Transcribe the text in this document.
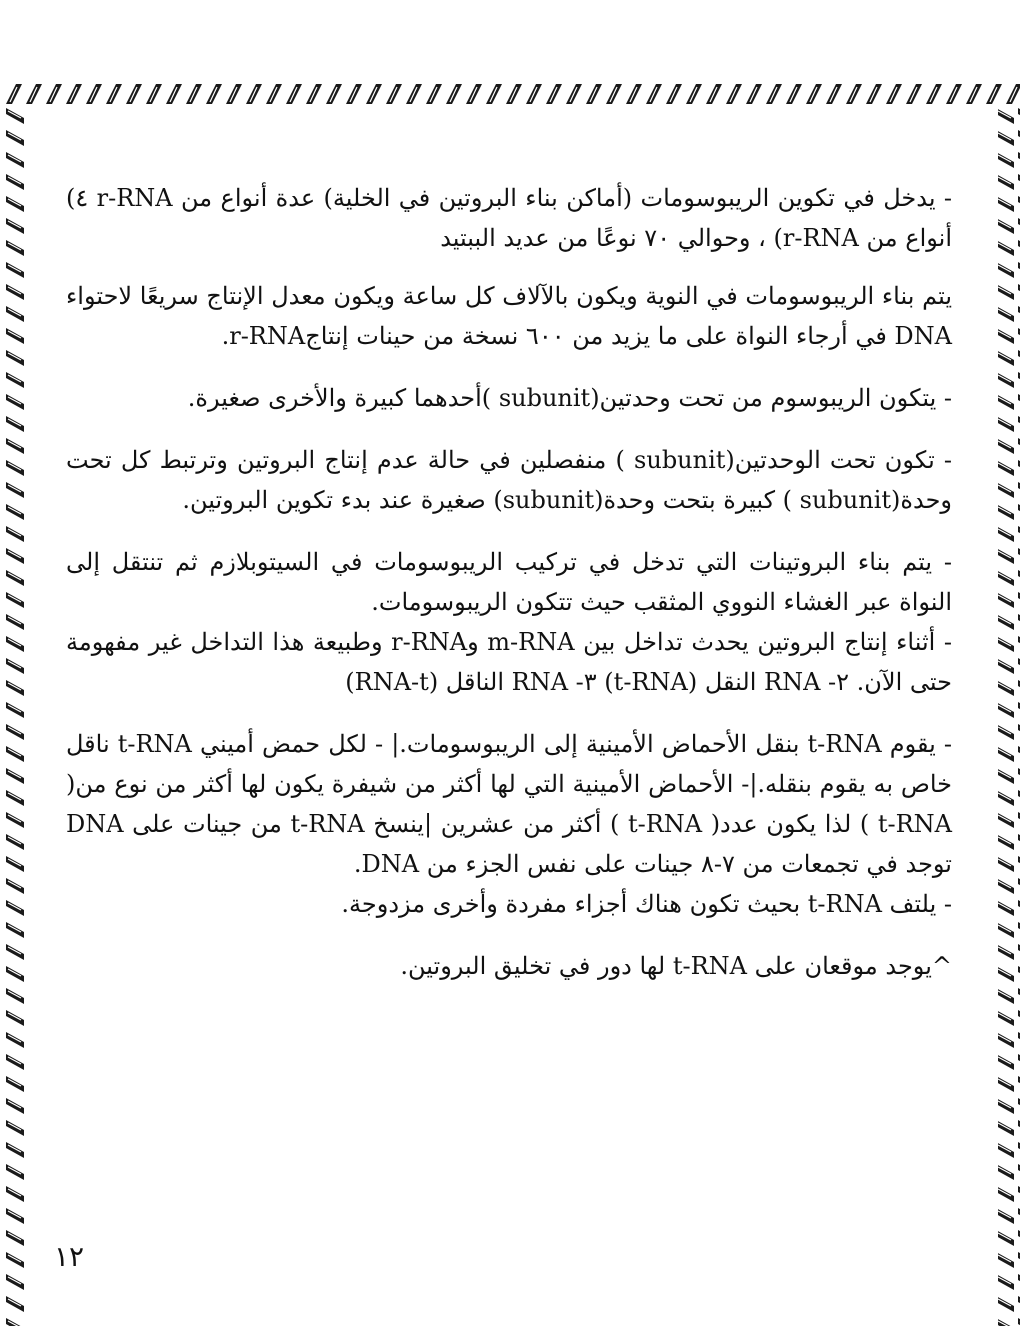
- يدخل في تكوين الريبوسومات (أماكن بناء البروتين في الخلية) عدة أنواع من r-RNA ٤) أنواع من r-RNA) ، وحوالي ٧٠ نوعًا من عديد الببتيد

يتم بناء الريبوسومات في النوية ويكون بالآلاف كل ساعة ويكون معدل الإنتاج سريعًا لاحتواء DNA في أرجاء النواة على ما يزيد من ٦٠٠ نسخة من حينات إنتاجr-RNA.

- يتكون الريبوسوم من تحت وحدتين(subunit )أحدهما كبيرة والأخرى صغيرة.

- تكون تحت الوحدتين(subunit ) منفصلين في حالة عدم إنتاج البروتين وترتبط كل تحت وحدة(subunit ) كبيرة بتحت وحدة(subunit) صغيرة عند بدء تكوين البروتين.

- يتم بناء البروتينات التي تدخل في تركيب الريبوسومات في السيتوبلازم ثم تنتقل إلى النواة عبر الغشاء النووي المثقب حيث تتكون الريبوسومات.

- أثناء إنتاج البروتين يحدث تداخل بين m-RNA وr-RNA وطبيعة هذا التداخل غير مفهومة حتى الآن. ٢- RNA النقل (t-RNA) ٣- RNA الناقل (RNA-t)

- يقوم t-RNA بنقل الأحماض الأمينية إلى الريبوسومات.| - لكل حمض أميني t-RNA ناقل خاص به يقوم بنقله.|- الأحماض الأمينية التي لها أكثر من شيفرة يكون لها أكثر من نوع من( t-RNA ) لذا يكون عدد( t-RNA ) أكثر من عشرين |ينسخ t-RNA من جينات على DNA توجد في تجمعات من ٧-٨ جينات على نفس الجزء من DNA.

- يلتف t-RNA بحيث تكون هناك أجزاء مفردة وأخرى مزدوجة.

^يوجد موقعان على t-RNA لها دور في تخليق البروتين.

١٢
